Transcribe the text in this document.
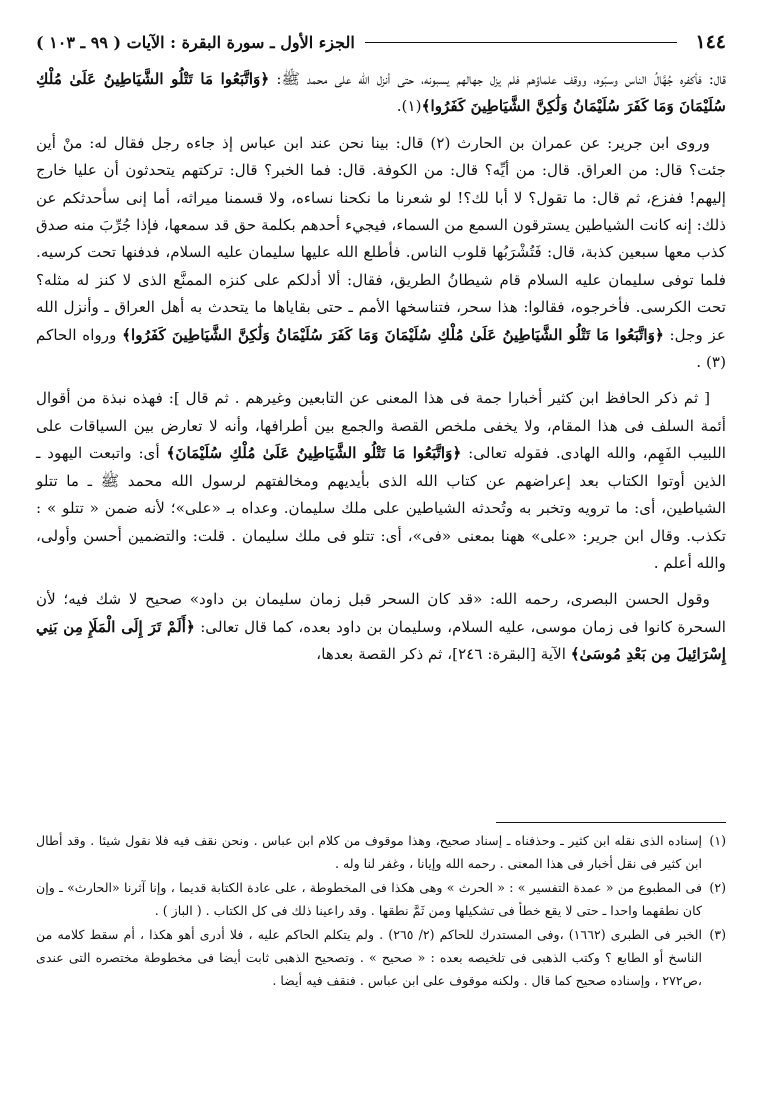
١٤٤
الجزء الأول ـ سورة البقرة : الآيات ( ٩٩ ـ ١٠٣ )

قال: فأكفره جُهَّالُ الناس وسبّوه، ووقف علماؤهم فلم يزل جهالهم يسبونه، حتى أنزل الله على محمد ﷺ: ﴿وَاتَّبَعُوا مَا تَتْلُو الشَّيَاطِينُ عَلَىٰ مُلْكِ سُلَيْمَانَ وَمَا كَفَرَ سُلَيْمَانُ وَلَٰكِنَّ الشَّيَاطِينَ كَفَرُوا﴾(١).

وروى ابن جرير: عن عمران بن الحارث (٢) قال: بينا نحن عند ابن عباس إذ جاءه رجل فقال له: منْ أين جئت؟ قال: من العراق. قال: من أيِّه؟ قال: من الكوفة. قال: فما الخبر؟ قال: تركتهم يتحدثون أن عليا خارج إليهم! ففزع، ثم قال: ما تقول؟ لا أبا لك؟! لو شعرنا ما نكحنا نساءه، ولا قسمنا ميراثه، أما إنى سأحدثكم عن ذلك: إنه كانت الشياطين يسترقون السمع من السماء، فيجيء أحدهم بكلمة حق قد سمعها، فإذا جُرِّبَ منه صدق كذب معها سبعين كذبة، قال: فَتُشْرَبُها قلوب الناس. فأطلع الله عليها سليمان عليه السلام، فدفنها تحت كرسيه. فلما توفى سليمان عليه السلام قام شيطانُ الطريق، فقال: ألا أدلكم على كنزه الممنَّع الذى لا كنز له مثله؟ تحت الكرسى. فأخرجوه، فقالوا: هذا سحر، فتناسخها الأمم ـ حتى بقاياها ما يتحدث به أهل العراق ـ وأنزل الله عز وجل: ﴿وَاتَّبَعُوا مَا تَتْلُو الشَّيَاطِينُ عَلَىٰ مُلْكِ سُلَيْمَانَ وَمَا كَفَرَ سُلَيْمَانُ وَلَٰكِنَّ الشَّيَاطِينَ كَفَرُوا﴾ ورواه الحاكم (٣) .

[ ثم ذكر الحافظ ابن كثير أخبارا جمة فى هذا المعنى عن التابعين وغيرهم . ثم قال ]: فهذه نبذة من أقوال أئمة السلف فى هذا المقام، ولا يخفى ملخص القصة والجمع بين أطرافها، وأنه لا تعارض بين السياقات على اللبيب الفَهِم، والله الهادى. فقوله تعالى: ﴿وَاتَّبَعُوا مَا تَتْلُو الشَّيَاطِينُ عَلَىٰ مُلْكِ سُلَيْمَانَ﴾ أى: واتبعت اليهود ـ الذين أوتوا الكتاب بعد إعراضهم عن كتاب الله الذى بأيديهم ومخالفتهم لرسول الله محمد ﷺ ـ ما تتلو الشياطين، أى: ما ترويه وتخبر به وتُحدثه الشياطين على ملك سليمان. وعداه بـ «على»؛ لأنه ضمن « تتلو » : تكذب. وقال ابن جرير: «على» ههنا بمعنى «فى»، أى: تتلو فى ملك سليمان . قلت: والتضمين أحسن وأولى، والله أعلم .

وقول الحسن البصرى، رحمه الله: «قد كان السحر قبل زمان سليمان بن داود» صحيح لا شك فيه؛ لأن السحرة كانوا فى زمان موسى، عليه السلام، وسليمان بن داود بعده، كما قال تعالى: ﴿أَلَمْ تَرَ إِلَى الْمَلَإِ مِن بَنِي إِسْرَائِيلَ مِن بَعْدِ مُوسَىٰ﴾ الآية [البقرة: ٢٤٦]، ثم ذكر القصة بعدها،

(١)
إسناده الذى نقله ابن كثير ـ وحذفناه ـ إسناد صحيح، وهذا موقوف من كلام ابن عباس . ونحن نقف فيه فلا نقول شيئا . وقد أطال ابن كثير فى نقل أخبار فى هذا المعنى . رحمه الله وإيانا ، وغفر لنا وله .
(٢)
فى المطبوع من « عمدة التفسير » : « الحرث » وهى هكذا فى المخطوطة ، على عادة الكتابة قديما ، وإنا آثرنا «الحارث» ـ وإن كان نطقهما واحدا ـ حتى لا يقع خطأ فى تشكيلها ومن ثَمَّ نطقها . وقد راعينا ذلك فى كل الكتاب . ( الباز ) .
(٣)
الخبر فى الطبرى (١٦٦٢) ،وفى المستدرك للحاكم (٢/ ٢٦٥) . ولم يتكلم الحاكم عليه ، فلا أدرى أهو هكذا ، أم سقط كلامه من الناسخ أو الطابع ؟ وكتب الذهبى فى تلخيصه بعده : « صحيح » . وتصحيح الذهبى ثابت أيضا فى مخطوطة مختصره التى عندى ،ص٢٧٢ ، وإسناده صحيح كما قال . ولكنه موقوف على ابن عباس . فنقف فيه أيضا .
